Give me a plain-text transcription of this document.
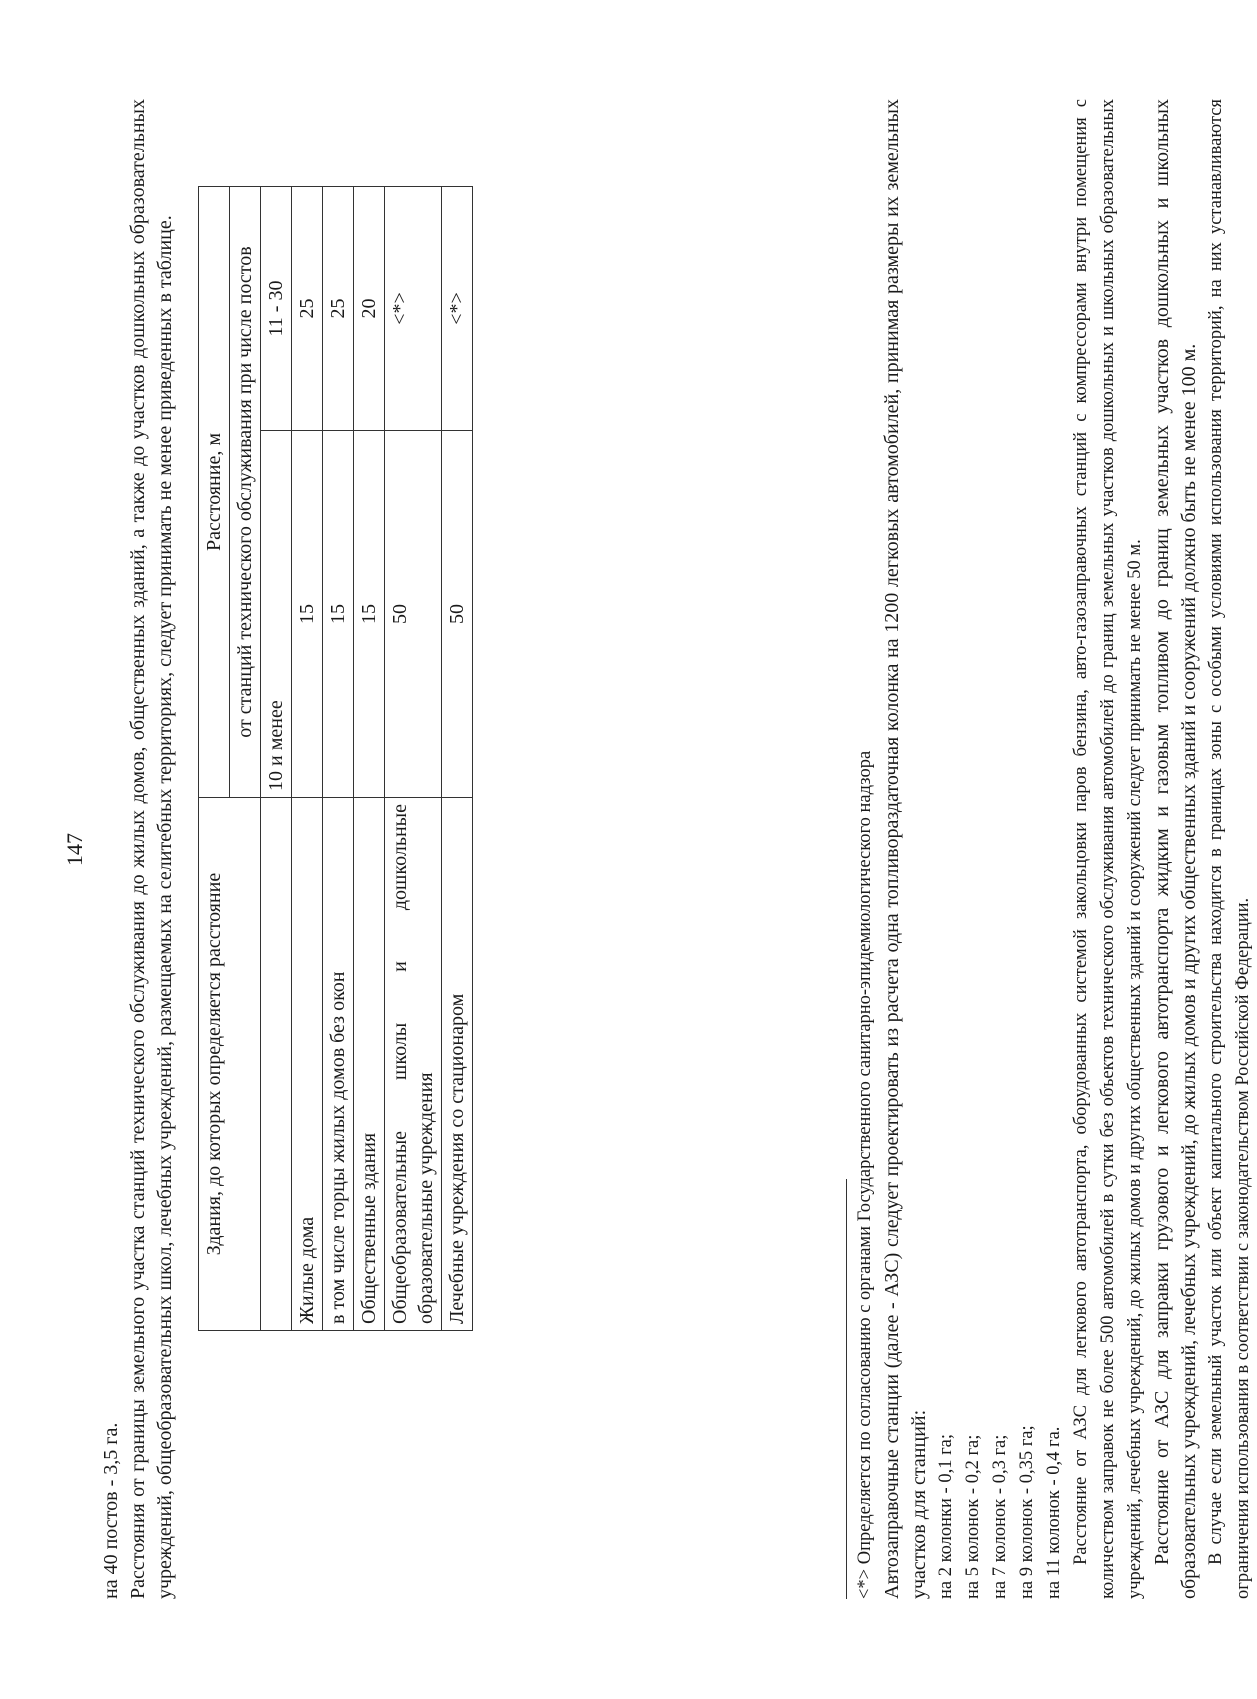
147

на 40 постов - 3,5 га. Расстояния от границы земельного участка станций технического обслуживания до жилых домов, общественных зданий, а также до участков дошкольных образовательных учреждений, общеобразовательных школ, лечебных учреждений, размещаемых на селитебных территориях, следует принимать не менее приведенных в таблице. Здания, до которых определяется расстояние	Расстояние, м	
	от станций технического обслуживания при числе постов	
	10 и менее	11 - 30
Жилые дома	15	25
в том числе торцы жилых домов без окон	15	25
Общественные здания	15	20

Общеобразовательные
школы
и
дошкольные
образовательные учреждения	50	<*>
Лечебные учреждения со стационаром	50	<*>

<*> Определяется по согласованию с органами Государственного санитарно-эпидемиологического надзора Автозаправочные станции (далее - АЗС) следует проектировать из расчета одна топливораздаточная колонка на 1200 легковых автомобилей, принимая размеры их земельных участков для станций: на 2 колонки - 0,1 га; на 5 колонок - 0,2 га; на 7 колонок - 0,3 га; на 9 колонок - 0,35 га; на 11 колонок - 0,4 га. Расстояние от АЗС для легкового автотранспорта, оборудованных системой закольцовки паров бензина, авто-газозаправочных станций с компрессорами внутри помещения с количеством заправок не более 500 автомобилей в сутки без объектов технического обслуживания автомобилей до границ земельных участков дошкольных и школьных образовательных учреждений, лечебных учреждений, до жилых домов и других общественных зданий и сооружений следует принимать не менее 50 м. Расстояние от АЗС для заправки грузового и легкового автотранспорта жидким и газовым топливом до границ земельных участков дошкольных и школьных образовательных учреждений, лечебных учреждений, до жилых домов и других общественных зданий и сооружений должно быть не менее 100 м. В случае если земельный участок или объект капитального строительства находится в границах зоны с особыми условиями использования территорий, на них устанавливаются ограничения использования в соответствии с законодательством Российской Федерации.
